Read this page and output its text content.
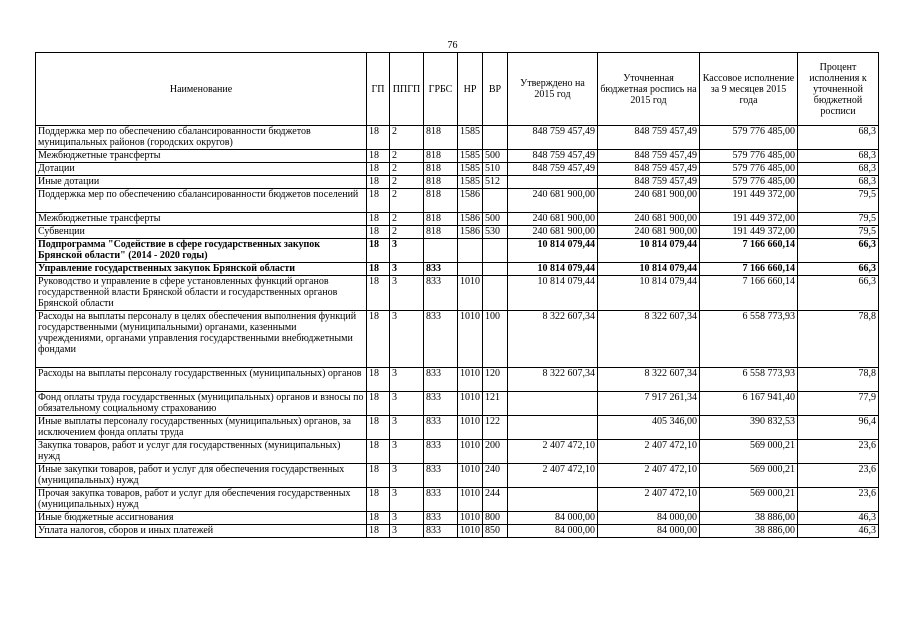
76
Наименование	ГП	ППГП	ГРБС	НР	ВР	Утверждено на 2015 год	Уточненная бюджетная роспись на 2015 год	Кассовое исполнение за 9 месяцев 2015 года	Процент исполнения к уточненной бюджетной росписи
Поддержка мер по обеспечению сбалансированности бюджетов муниципальных районов (городских округов)	18	2	818	1585		848 759 457,49	848 759 457,49	579 776 485,00	68,3
Межбюджетные трансферты	18	2	818	1585	500	848 759 457,49	848 759 457,49	579 776 485,00	68,3
Дотации	18	2	818	1585	510	848 759 457,49	848 759 457,49	579 776 485,00	68,3
Иные дотации	18	2	818	1585	512		848 759 457,49	579 776 485,00	68,3
Поддержка мер по обеспечению сбалансированности бюджетов поселений	18	2	818	1586		240 681 900,00	240 681 900,00	191 449 372,00	79,5
Межбюджетные трансферты	18	2	818	1586	500	240 681 900,00	240 681 900,00	191 449 372,00	79,5
Субвенции	18	2	818	1586	530	240 681 900,00	240 681 900,00	191 449 372,00	79,5
Подпрограмма "Содействие в сфере государственных закупок Брянской области" (2014 - 2020 годы)	18	3				10 814 079,44	10 814 079,44	7 166 660,14	66,3
Управление государственных закупок Брянской области	18	3	833			10 814 079,44	10 814 079,44	7 166 660,14	66,3
Руководство и управление в сфере установленных функций органов государственной власти Брянской области и государственных органов Брянской области	18	3	833	1010		10 814 079,44	10 814 079,44	7 166 660,14	66,3
Расходы на выплаты персоналу в целях обеспечения выполнения функций государственными (муниципальными) органами, казенными учреждениями, органами управления государственными внебюджетными фондами	18	3	833	1010	100	8 322 607,34	8 322 607,34	6 558 773,93	78,8
Расходы на выплаты персоналу государственных (муниципальных) органов	18	3	833	1010	120	8 322 607,34	8 322 607,34	6 558 773,93	78,8
Фонд оплаты труда государственных (муниципальных) органов и взносы по обязательному социальному страхованию	18	3	833	1010	121		7 917 261,34	6 167 941,40	77,9
Иные выплаты персоналу государственных (муниципальных) органов, за исключением фонда оплаты труда	18	3	833	1010	122		405 346,00	390 832,53	96,4
Закупка товаров, работ и услуг для государственных (муниципальных) нужд	18	3	833	1010	200	2 407 472,10	2 407 472,10	569 000,21	23,6
Иные закупки товаров, работ и услуг для обеспечения государственных (муниципальных) нужд	18	3	833	1010	240	2 407 472,10	2 407 472,10	569 000,21	23,6
Прочая закупка товаров, работ и услуг для обеспечения государственных (муниципальных) нужд	18	3	833	1010	244		2 407 472,10	569 000,21	23,6
Иные бюджетные ассигнования	18	3	833	1010	800	84 000,00	84 000,00	38 886,00	46,3
Уплата налогов, сборов и иных платежей	18	3	833	1010	850	84 000,00	84 000,00	38 886,00	46,3
